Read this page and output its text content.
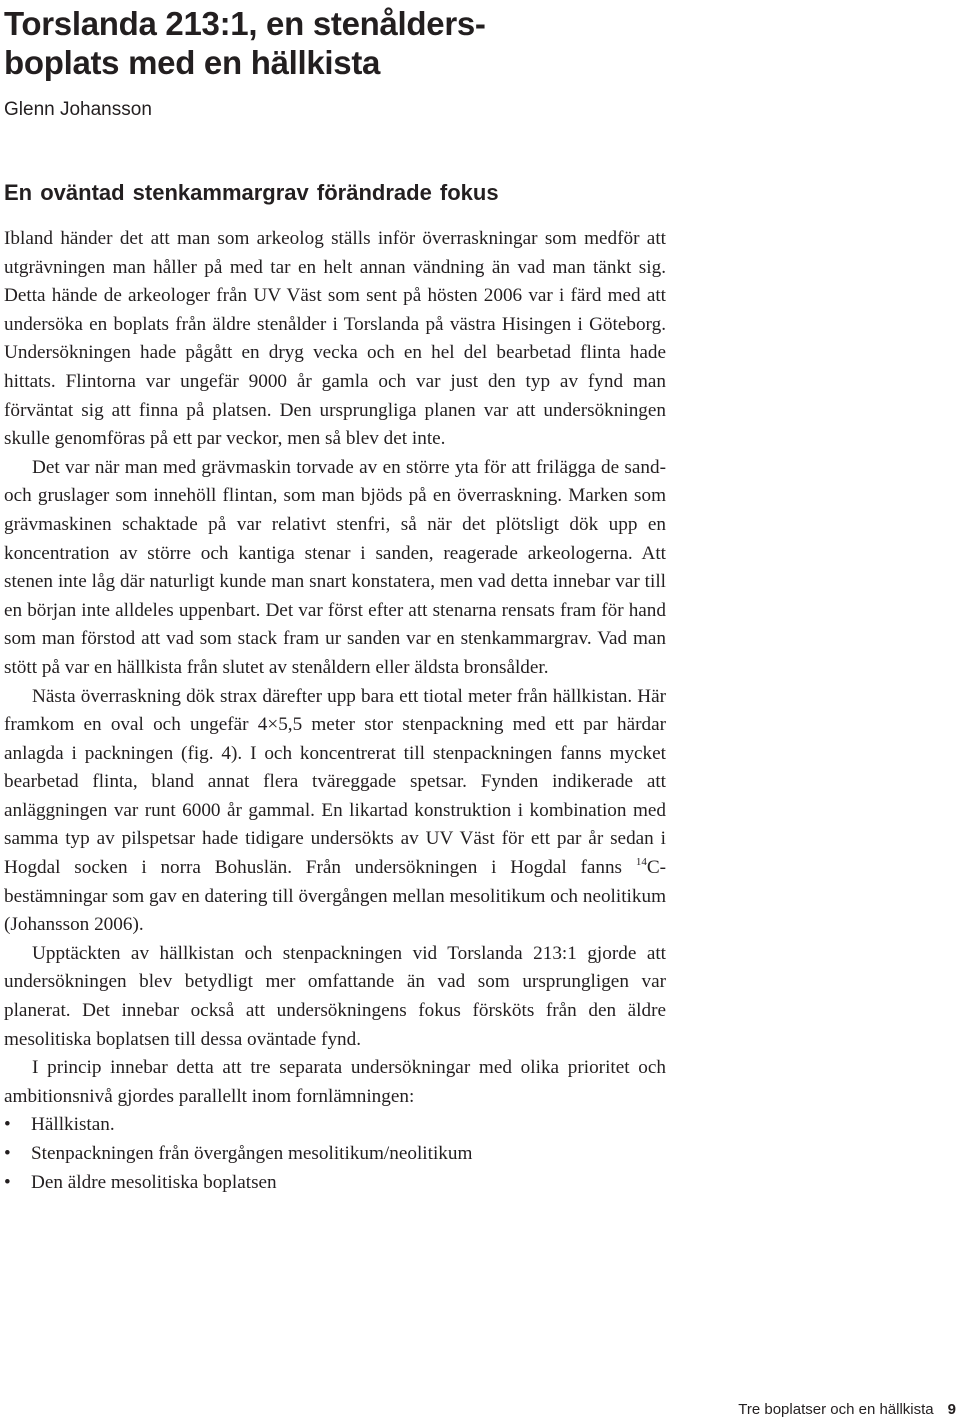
Torslanda 213:1, en stenålders-
boplats med en hällkista

Glenn Johansson

En oväntad stenkammargrav förändrade fokus

Ibland händer det att man som arkeolog ställs inför överraskningar som medför att utgrävningen man håller på med tar en helt annan vändning än vad man tänkt sig. Detta hände de arkeologer från UV Väst som sent på hösten 2006 var i färd med att undersöka en boplats från äldre stenålder i Torslanda på västra Hisingen i Göteborg. Undersökningen hade pågått en dryg vecka och en hel del bearbetad flinta hade hittats. Flintorna var ungefär 9000 år gamla och var just den typ av fynd man förväntat sig att finna på platsen. Den ursprungliga planen var att undersökningen skulle genomföras på ett par veckor, men så blev det inte.

Det var när man med grävmaskin torvade av en större yta för att frilägga de sand- och gruslager som innehöll flintan, som man bjöds på en överraskning. Marken som grävmaskinen schaktade på var relativt stenfri, så när det plötsligt dök upp en koncentration av större och kantiga stenar i sanden, reagerade arkeologerna. Att stenen inte låg där naturligt kunde man snart konstatera, men vad detta innebar var till en början inte alldeles uppenbart. Det var först efter att stenarna rensats fram för hand som man förstod att vad som stack fram ur sanden var en stenkammargrav. Vad man stött på var en hällkista från slutet av stenåldern eller äldsta bronsålder.

Nästa överraskning dök strax därefter upp bara ett tiotal meter från hällkistan. Här framkom en oval och ungefär 4×5,5 meter stor stenpackning med ett par härdar anlagda i packningen (fig. 4). I och koncentrerat till stenpackningen fanns mycket bearbetad flinta, bland annat flera tväreggade spetsar. Fynden indikerade att anläggningen var runt 6000 år gammal. En likartad konstruktion i kombination med samma typ av pilspetsar hade tidigare undersökts av UV Väst för ett par år sedan i Hogdal socken i norra Bohuslän. Från undersökningen i Hogdal fanns $^{14}$C-bestämningar som gav en datering till övergången mellan mesolitikum och neolitikum (Johansson 2006).

Upptäckten av hällkistan och stenpackningen vid Torslanda 213:1 gjorde att undersökningen blev betydligt mer omfattande än vad som ursprungligen var planerat. Det innebar också att undersökningens fokus försköts från den äldre mesolitiska boplatsen till dessa oväntade fynd.

I princip innebar detta att tre separata undersökningar med olika prioritet och ambitionsnivå gjordes parallellt inom fornlämningen:

• Hällkistan.
• Stenpackningen från övergången mesolitikum/neolitikum
• Den äldre mesolitiska boplatsen

Tre boplatser och en hällkista 9
